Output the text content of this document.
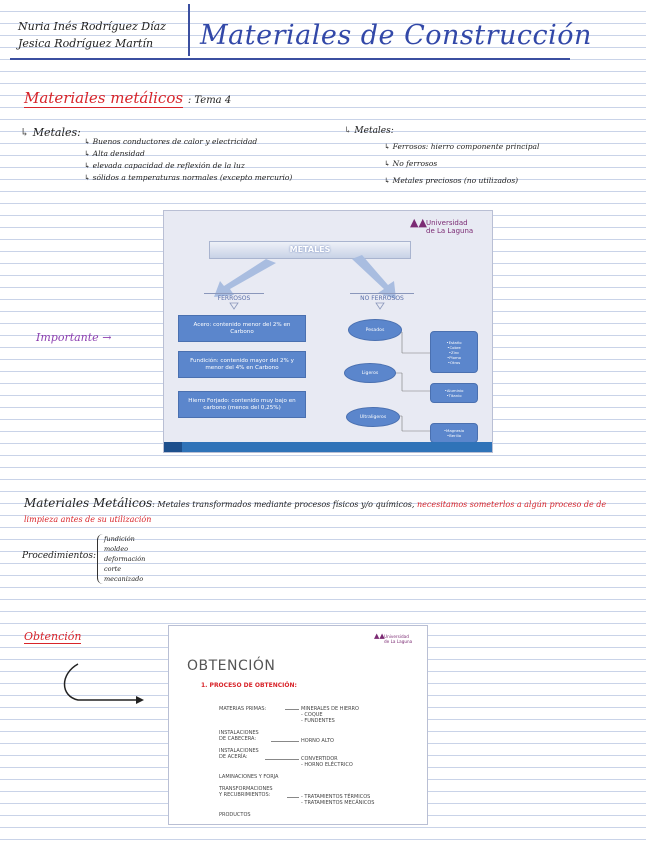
Nuria Inés Rodríguez Díaz
Jesica Rodríguez Martín	Materiales de Construcción
Materiales metálicos : Tema 4
↳ Metales:
↳ Buenos conductores de calor y electricidad
↳ Alta densidad
↳ elevada capacidad de reflexión de la luz
↳ sólidos a temperaturas normales (excepto mercurio)
↳ Metales:
↳ Ferrosos: hierro componente principal
↳ No ferrosos
↳ Metales preciosos (no utilizados)
Importante →
▲▲ Universidad
de La Laguna
METALES
FERROSOS	NO FERROSOS
Acero: contenido menor del 2% en Carbono
Fundición: contenido mayor del 2% y menor del 4% en Carbono
Hierro Forjado: contenido muy bajo en carbono (menos del 0,25%)
Pesados
Ligeros
Ultraligeros
•Estaño
•Cobre
•Zinc
•Plomo
•Otros
•Aluminio
•Titanio
•Magnesio
•Berilio
Materiales Metálicos: Metales transformados mediante procesos físicos y/o químicos, necesitamos someterlos a algún proceso de de limpieza antes de su utilización
Procedimientos:
fundición
moldeo
deformación
corte
mecanizado
Obtención	▲▲ Universidad
de La Laguna
OBTENCIÓN
1. PROCESO DE OBTENCIÓN:
MATERIAS PRIMAS:	MINERALES DE HIERRO
- COQUE
- FUNDENTES
INSTALACIONES
DE CABECERA:	HORNO ALTO
INSTALACIONES
DE ACERÍA:	CONVERTIDOR
- HORNO ELÉCTRICO
LAMINACIONES Y FORJA
TRANSFORMACIONES
Y RECUBRIMIENTOS:	- TRATAMIENTOS TÉRMICOS
- TRATAMIENTOS MECÁNICOS
PRODUCTOS
